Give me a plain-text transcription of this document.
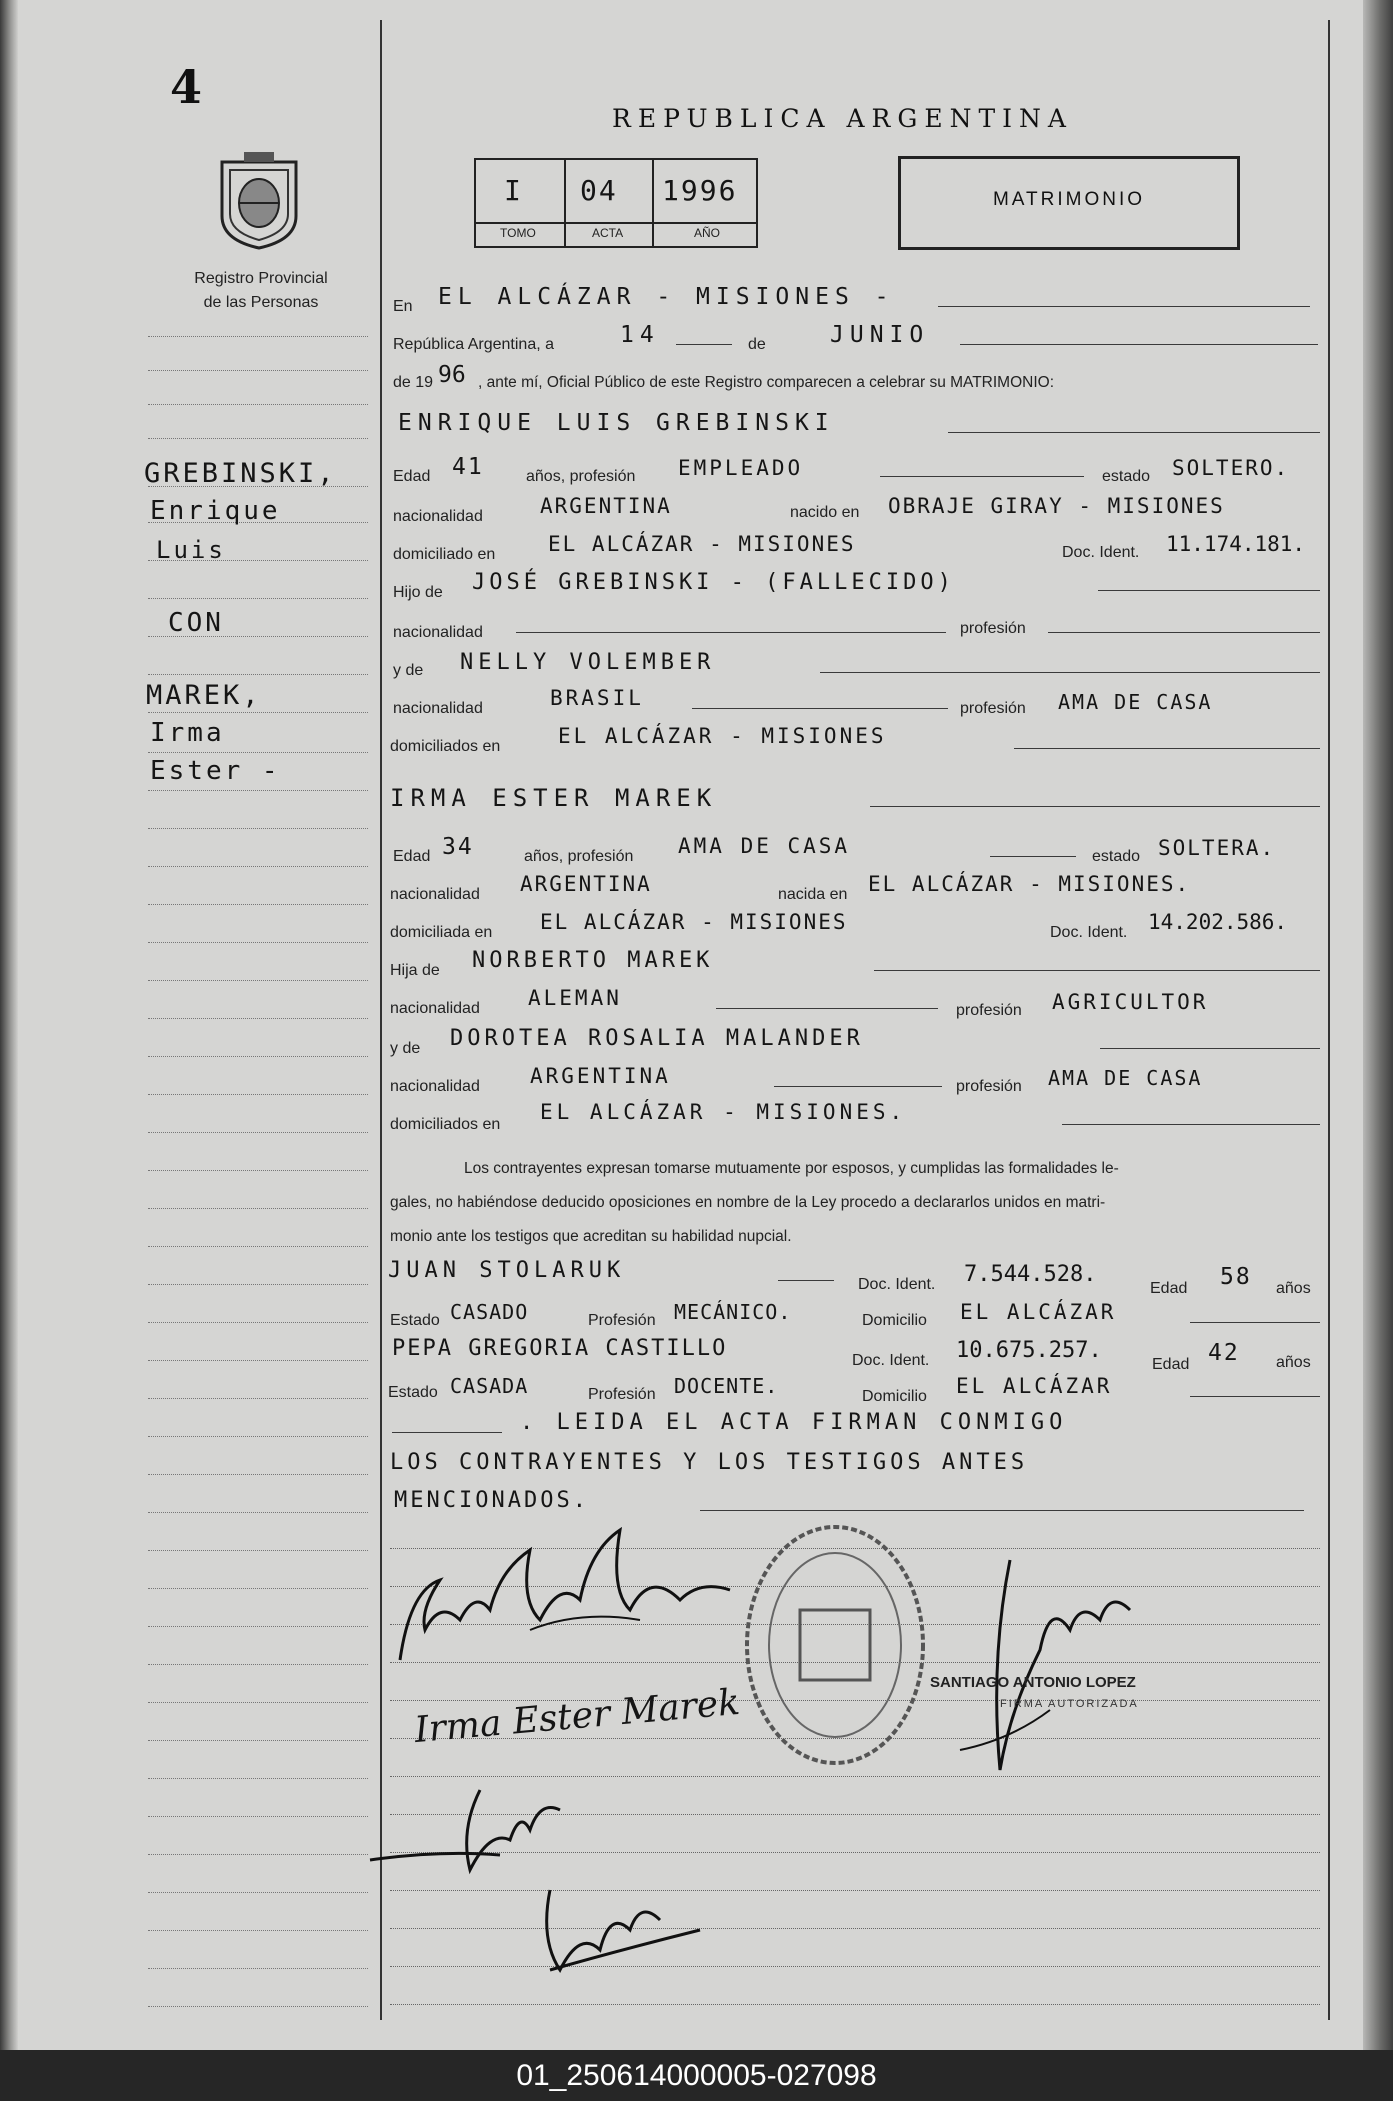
4
Registro Provincial
de las Personas
REPUBLICA ARGENTINA
I 04 1996
TOMO	ACTA	AÑO
MATRIMONIO
GREBINSKI,
Enrique
Luis
CON
MAREK,
Irma
Ester -
En EL ALCÁZAR - MISIONES -
República Argentina, a	14	de	JUNIO
de 19 96 , ante mí, Oficial Público de este Registro comparecen a celebrar su MATRIMONIO:
ENRIQUE LUIS GREBINSKI
Edad 41	años, profesión EMPLEADO	estado SOLTERO.
nacionalidad	ARGENTINA	nacido en OBRAJE GIRAY - MISIONES
domiciliado en	EL ALCÁZAR - MISIONES	Doc. Ident. 11.174.181.
Hijo de JOSÉ GREBINSKI - (FALLECIDO)
nacionalidad	profesión
y de NELLY VOLEMBER
nacionalidad	BRASIL	profesión AMA DE CASA
domiciliados en	EL ALCÁZAR - MISIONES
IRMA ESTER MAREK
Edad 34	años, profesión AMA DE CASA	estado SOLTERA.
nacionalidad ARGENTINA	nacida en EL ALCÁZAR - MISIONES.
domiciliada en EL ALCÁZAR - MISIONES	Doc. Ident. 14.202.586.
Hija de NORBERTO MAREK
nacionalidad ALEMAN
profesión AGRICULTOR
y de DOROTEA ROSALIA MALANDER
nacionalidad ARGENTINA	profesión AMA DE CASA
domiciliados en
EL ALCÁZAR - MISIONES.
Los contrayentes expresan tomarse mutuamente por esposos, y cumplidas las formalidades le-
gales, no habiéndose deducido oposiciones en nombre de la Ley procedo a declararlos unidos en matri-
monio ante los testigos que acreditan su habilidad nupcial.
JUAN STOLARUK
Doc. Ident. 7.544.528.
Edad 58 años
Estado CASADO	Profesión MECÁNICO.	Domicilio EL ALCÁZAR
PEPA GREGORIA CASTILLO	Doc. Ident. 10.675.257.
Edad 42 años
Estado CASADA	Profesión DOCENTE.	Domicilio EL ALCÁZAR
. LEIDA EL ACTA FIRMAN CONMIGO
LOS CONTRAYENTES Y LOS TESTIGOS ANTES
MENCIONADOS.
Irma Ester Marek	SANTIAGO ANTONIO LOPEZ
FIRMA AUTORIZADA
01_250614000005-027098
